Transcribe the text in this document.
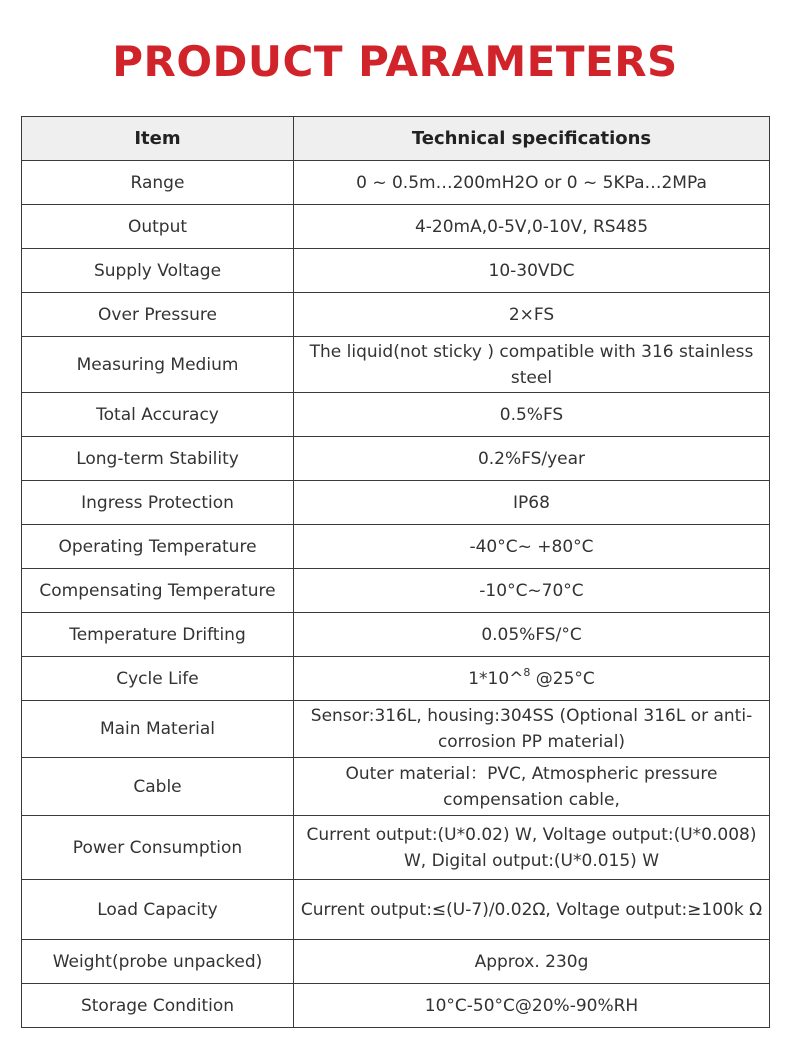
PRODUCT PARAMETERS
Item	Technical specifications
Range	0 ~ 0.5m…200mH2O or 0 ~ 5KPa…2MPa
Output	4-20mA,0-5V,0-10V, RS485
Supply Voltage	10-30VDC
Over Pressure	2×FS
Measuring Medium	The liquid(not sticky ) compatible with 316 stainless steel
Total Accuracy	0.5%FS
Long-term Stability	0.2%FS/year
Ingress Protection	IP68
Operating Temperature	-40°C~ +80°C
Compensating Temperature	-10°C~70°C
Temperature Drifting	0.05%FS/°C
Cycle Life	1*10^$^8$ @25°C
Main Material	Sensor:316L, housing:304SS (Optional 316L or anti-corrosion PP material)
Cable	Outer material：PVC, Atmospheric pressure compensation cable,
Power Consumption	Current output:(U*0.02) W, Voltage output:(U*0.008) W, Digital output:(U*0.015) W
Load Capacity	Current output:≤(U-7)/0.02Ω, Voltage output:≥100k Ω
Weight(probe unpacked)	Approx. 230g
Storage Condition	10°C-50°C@20%-90%RH
